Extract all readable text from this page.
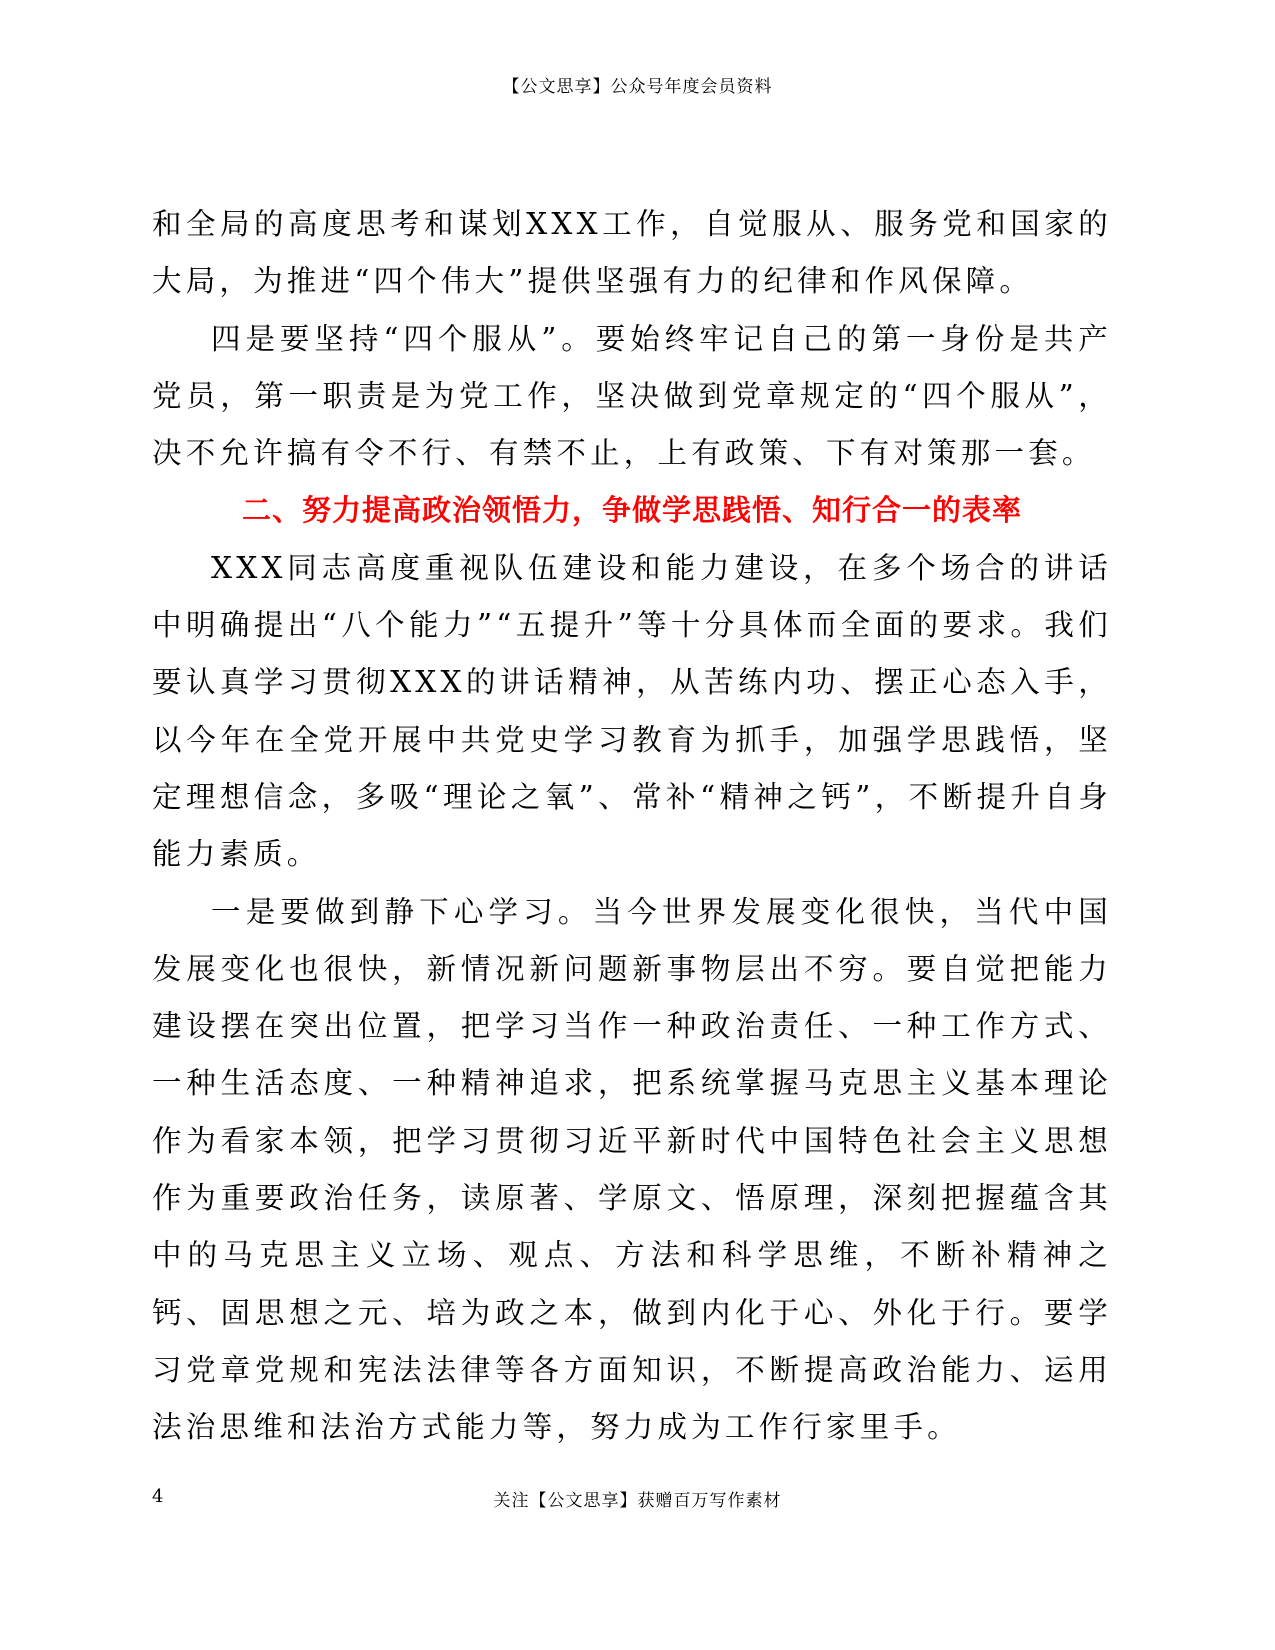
【公文思享】公众号年度会员资料

和全局的高度思考和谋划XXX工作，自觉服从、服务党和国家的大局，为推进“四个伟大”提供坚强有力的纪律和作风保障。

四是要坚持“四个服从”。要始终牢记自己的第一身份是共产党员，第一职责是为党工作，坚决做到党章规定的“四个服从”，决不允许搞有令不行、有禁不止，上有政策、下有对策那一套。

二、努力提高政治领悟力，争做学思践悟、知行合一的表率

XXX同志高度重视队伍建设和能力建设，在多个场合的讲话中明确提出“八个能力”“五提升”等十分具体而全面的要求。我们要认真学习贯彻XXX的讲话精神，从苦练内功、摆正心态入手，以今年在全党开展中共党史学习教育为抓手，加强学思践悟，坚定理想信念，多吸“理论之氧”、常补“精神之钙”，不断提升自身能力素质。

一是要做到静下心学习。当今世界发展变化很快，当代中国发展变化也很快，新情况新问题新事物层出不穷。要自觉把能力建设摆在突出位置，把学习当作一种政治责任、一种工作方式、一种生活态度、一种精神追求，把系统掌握马克思主义基本理论作为看家本领，把学习贯彻习近平新时代中国特色社会主义思想作为重要政治任务，读原著、学原文、悟原理，深刻把握蕴含其中的马克思主义立场、观点、方法和科学思维，不断补精神之钙、固思想之元、培为政之本，做到内化于心、外化于行。要学习党章党规和宪法法律等各方面知识，不断提高政治能力、运用法治思维和法治方式能力等，努力成为工作行家里手。

4	关注【公文思享】获赠百万写作素材
